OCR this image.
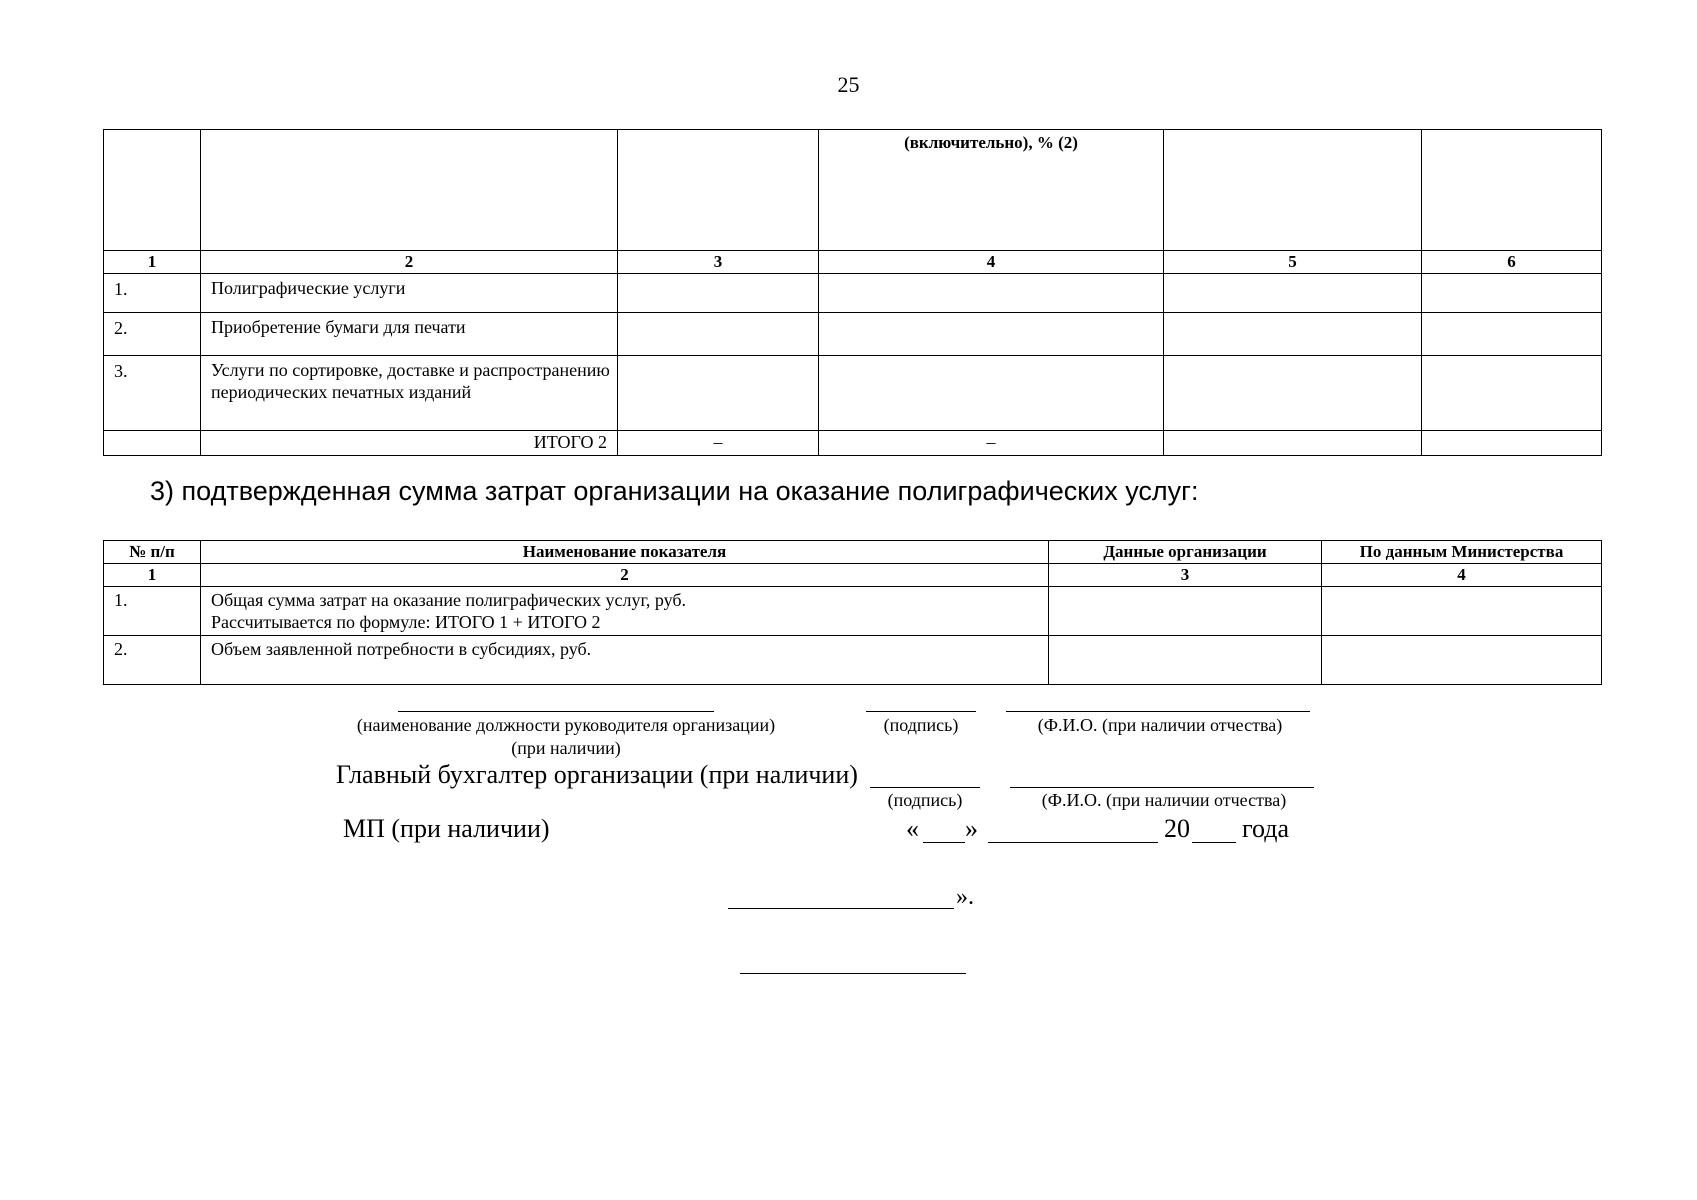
25
			(включительно), % (2)		
1	2	3	4	5	6
1.	Полиграфические услуги				
2.	Приобретение бумаги для печати				
3.	Услуги по сортировке, доставке и распространению периодических печатных изданий				
	ИТОГО 2	–	–		
3) подтвержденная сумма затрат организации на оказание полиграфических услуг:
№ п/п	Наименование показателя	Данные организации	По данным Министерства
1	2	3	4
1.	Общая сумма затрат на оказание полиграфических услуг, руб.
Рассчитывается по формуле: ИТОГО 1 + ИТОГО 2		

2.	Объем заявленной потребности в субсидиях, руб.		

(наименование должности руководителя организации)
(при наличии)
(подпись)	(Ф.И.О. (при наличии отчества)
Главный бухгалтер организации (при наличии)
(подпись)	(Ф.И.О. (при наличии отчества)
МП (при наличии)	« »	20 года
».
